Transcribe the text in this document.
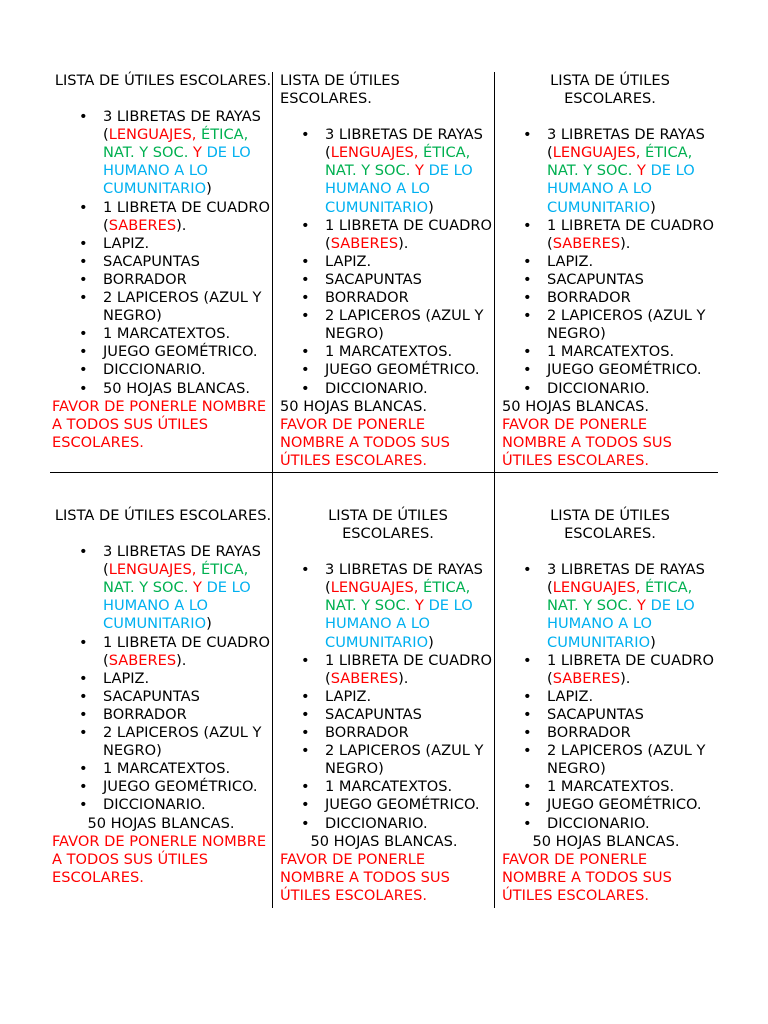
LISTA DE ÚTILES ESCOLARES.
• 3 LIBRETAS DE RAYAS (LENGUAJES, ÉTICA, NAT. Y SOC. Y DE LO HUMANO A LO CUMUNITARIO)
• 1 LIBRETA DE CUADRO (SABERES).
• LAPIZ.
• SACAPUNTAS
• BORRADOR
• 2 LAPICEROS (AZUL Y NEGRO)
• 1 MARCATEXTOS.
• JUEGO GEOMÉTRICO.
• DICCIONARIO.
• 50 HOJAS BLANCAS.
FAVOR DE PONERLE NOMBRE A TODOS SUS ÚTILES ESCOLARES.
LISTA DE ÚTILES ESCOLARES.
• 3 LIBRETAS DE RAYAS (LENGUAJES, ÉTICA, NAT. Y SOC. Y DE LO HUMANO A LO CUMUNITARIO)
• 1 LIBRETA DE CUADRO (SABERES).
• LAPIZ.
• SACAPUNTAS
• BORRADOR
• 2 LAPICEROS (AZUL Y NEGRO)
• 1 MARCATEXTOS.
• JUEGO GEOMÉTRICO.
• DICCIONARIO.
50 HOJAS BLANCAS.
FAVOR DE PONERLE NOMBRE A TODOS SUS ÚTILES ESCOLARES.
LISTA DE ÚTILES ESCOLARES.
• 3 LIBRETAS DE RAYAS (LENGUAJES, ÉTICA, NAT. Y SOC. Y DE LO HUMANO A LO CUMUNITARIO)
• 1 LIBRETA DE CUADRO (SABERES).
• LAPIZ.
• SACAPUNTAS
• BORRADOR
• 2 LAPICEROS (AZUL Y NEGRO)
• 1 MARCATEXTOS.
• JUEGO GEOMÉTRICO.
• DICCIONARIO.
50 HOJAS BLANCAS.
FAVOR DE PONERLE NOMBRE A TODOS SUS ÚTILES ESCOLARES.
LISTA DE ÚTILES ESCOLARES.
• 3 LIBRETAS DE RAYAS (LENGUAJES, ÉTICA, NAT. Y SOC. Y DE LO HUMANO A LO CUMUNITARIO)
• 1 LIBRETA DE CUADRO (SABERES).
• LAPIZ.
• SACAPUNTAS
• BORRADOR
• 2 LAPICEROS (AZUL Y NEGRO)
• 1 MARCATEXTOS.
• JUEGO GEOMÉTRICO.
• DICCIONARIO.
50 HOJAS BLANCAS.
FAVOR DE PONERLE NOMBRE A TODOS SUS ÚTILES ESCOLARES.
LISTA DE ÚTILES ESCOLARES.
• 3 LIBRETAS DE RAYAS (LENGUAJES, ÉTICA, NAT. Y SOC. Y DE LO HUMANO A LO CUMUNITARIO)
• 1 LIBRETA DE CUADRO (SABERES).
• LAPIZ.
• SACAPUNTAS
• BORRADOR
• 2 LAPICEROS (AZUL Y NEGRO)
• 1 MARCATEXTOS.
• JUEGO GEOMÉTRICO.
• DICCIONARIO.
50 HOJAS BLANCAS.
FAVOR DE PONERLE NOMBRE A TODOS SUS ÚTILES ESCOLARES.
LISTA DE ÚTILES ESCOLARES.
• 3 LIBRETAS DE RAYAS (LENGUAJES, ÉTICA, NAT. Y SOC. Y DE LO HUMANO A LO CUMUNITARIO)
• 1 LIBRETA DE CUADRO (SABERES).
• LAPIZ.
• SACAPUNTAS
• BORRADOR
• 2 LAPICEROS (AZUL Y NEGRO)
• 1 MARCATEXTOS.
• JUEGO GEOMÉTRICO.
• DICCIONARIO.
50 HOJAS BLANCAS.
FAVOR DE PONERLE NOMBRE A TODOS SUS ÚTILES ESCOLARES.
